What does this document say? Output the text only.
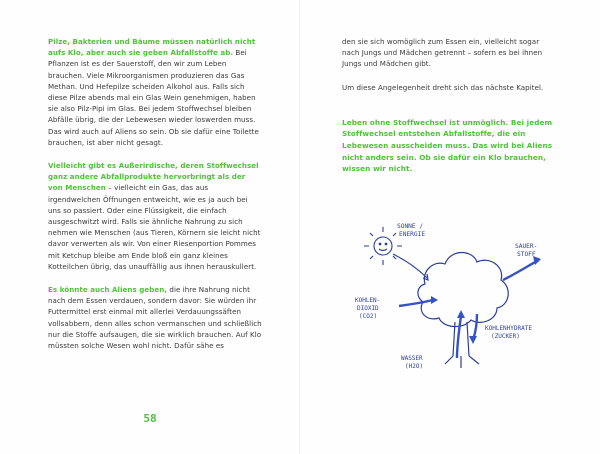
Pilze, Bakterien und Bäume müssen natürlich nicht aufs Klo, aber auch sie geben Abfallstoffe ab. Bei Pflanzen ist es der Sauerstoff, den wir zum Leben brauchen. Viele Mikroorganismen produzieren das Gas Methan. Und Hefepilze scheiden Alkohol aus. Falls sich diese Pilze abends mal ein Glas Wein genehmigen, haben sie also Pilz-Pipi im Glas. Bei jedem Stoffwechsel bleiben Abfälle übrig, die der Lebewesen wieder loswerden muss. Das wird auch auf Aliens so sein. Ob sie dafür eine Toilette brauchen, ist aber nicht gesagt.

Vielleicht gibt es Außerirdische, deren Stoffwechsel ganz andere Abfallprodukte hervorbringt als der von Menschen – vielleicht ein Gas, das aus irgendwelchen Öffnungen entweicht, wie es ja auch bei uns so passiert. Oder eine Flüssigkeit, die einfach ausgeschwitzt wird. Falls sie ähnliche Nahrung zu sich nehmen wie Menschen (aus Tieren, Körnern sie leicht nicht davor verwerten als wir. Von einer Riesenportion Pommes mit Ketchup bleibe am Ende bloß ein ganz kleines Kotteilchen übrig, das unauffällig aus ihnen herauskullert.

Es könnte auch Aliens geben, die ihre Nahrung nicht nach dem Essen verdauen, sondern davor: Sie würden ihr Futtermittel erst einmal mit allerlei Verdauungssäften vollsabbern, denn alles schon vermanschen und schließlich nur die Stoffe aufsaugen, die sie wirklich brauchen. Auf Klo müssten solche Wesen wohl nicht. Dafür sähe es

58

den sie sich womöglich zum Essen ein, vielleicht sogar nach Jungs und Mädchen getrennt – sofern es bei ihnen Jungs und Mädchen gibt.

Um diese Angelegenheit dreht sich das nächste Kapitel.

Leben ohne Stoffwechsel ist unmöglich. Bei jedem Stoffwechsel entstehen Abfallstoffe, die ein Lebewesen ausscheiden muss. Das wird bei Aliens nicht anders sein. Ob sie dafür ein Klo brauchen, wissen wir nicht.

SONNE /
ENERGIE
SAUER-
STOFF
KOHLEN-
DIOXID
(CO2)
KOHLENHYDRATE
(ZUCKER)
WASSER
(H2O)
